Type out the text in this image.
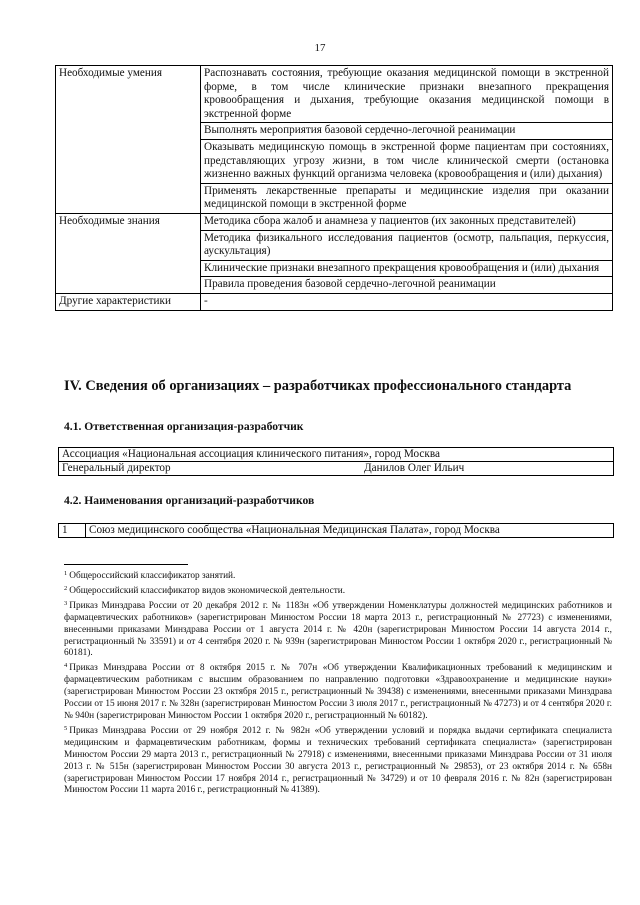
17
Необходимые умения	Распознавать состояния, требующие оказания медицинской помощи в экстренной форме, в том числе клинические признаки внезапного прекращения кровообращения и дыхания, требующие оказания медицинской помощи в экстренной форме
	Выполнять мероприятия базовой сердечно-легочной реанимации
	Оказывать медицинскую помощь в экстренной форме пациентам при состояниях, представляющих угрозу жизни, в том числе клинической смерти (остановка жизненно важных функций организма человека (кровообращения и (или) дыхания)
	Применять лекарственные препараты и медицинские изделия при оказании медицинской помощи в экстренной форме
Необходимые знания	Методика сбора жалоб и анамнеза у пациентов (их законных представителей)
	Методика физикального исследования пациентов (осмотр, пальпация, перкуссия, аускультация)
	Клинические признаки внезапного прекращения кровообращения и (или) дыхания
	Правила проведения базовой сердечно-легочной реанимации
Другие характеристики	-
IV. Сведения об организациях – разработчиках профессионального стандарта
4.1. Ответственная организация-разработчик
Ассоциация «Национальная ассоциация клинического питания», город Москва

Генеральный директор	Данилов Олег Ильич
4.2. Наименования организаций-разработчиков
1	Союз медицинского сообщества «Национальная Медицинская Палата», город Москва

$^1$ Общероссийский классификатор занятий.

$^2$ Общероссийский классификатор видов экономической деятельности.

$^3$ Приказ Минздрава России от 20 декабря 2012 г. № 1183н «Об утверждении Номенклатуры должностей медицинских работников и фармацевтических работников» (зарегистрирован Минюстом России 18 марта 2013 г., регистрационный № 27723) с изменениями, внесенными приказами Минздрава России от 1 августа 2014 г. № 420н (зарегистрирован Минюстом России 14 августа 2014 г., регистрационный № 33591) и от 4 сентября 2020 г. № 939н (зарегистрирован Минюстом России 1 октября 2020 г., регистрационный № 60181).

$^4$ Приказ Минздрава России от 8 октября 2015 г. № 707н «Об утверждении Квалификационных требований к медицинским и фармацевтическим работникам с высшим образованием по направлению подготовки «Здравоохранение и медицинские науки» (зарегистрирован Минюстом России 23 октября 2015 г., регистрационный № 39438) с изменениями, внесенными приказами Минздрава России от 15 июня 2017 г. № 328н (зарегистрирован Минюстом России 3 июля 2017 г., регистрационный № 47273) и от 4 сентября 2020 г. № 940н (зарегистрирован Минюстом России 1 октября 2020 г., регистрационный № 60182).

$^5$ Приказ Минздрава России от 29 ноября 2012 г. № 982н «Об утверждении условий и порядка выдачи сертификата специалиста медицинским и фармацевтическим работникам, формы и технических требований сертификата специалиста» (зарегистрирован Минюстом России 29 марта 2013 г., регистрационный № 27918) с изменениями, внесенными приказами Минздрава России от 31 июля 2013 г. № 515н (зарегистрирован Минюстом России 30 августа 2013 г., регистрационный № 29853), от 23 октября 2014 г. № 658н (зарегистрирован Минюстом России 17 ноября 2014 г., регистрационный № 34729) и от 10 февраля 2016 г. № 82н (зарегистрирован Минюстом России 11 марта 2016 г., регистрационный № 41389).
